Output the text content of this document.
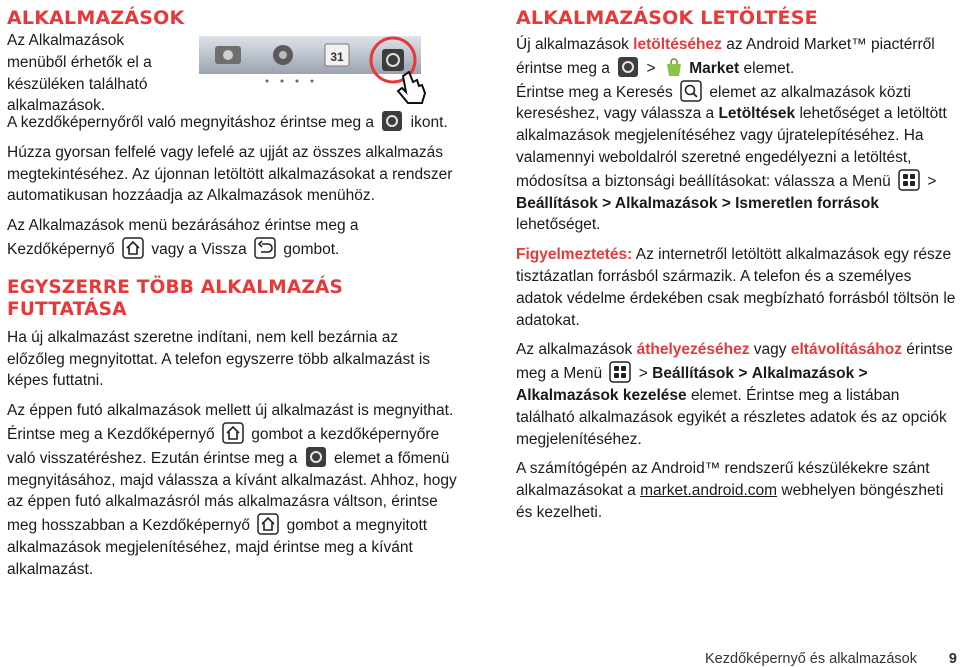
ALKALMAZÁSOK

Az Alkalmazások menüből érhetők el a készüléken található alkalmazások.

31

A kezdőképernyőről való megnyitáshoz érintse meg a ikont.

Húzza gyorsan felfelé vagy lefelé az ujját az összes alkalmazás megtekintéséhez. Az újonnan letöltött alkalmazásokat a rendszer automatikusan hozzáadja az Alkalmazások menühöz.

Az Alkalmazások menü bezárásához érintse meg a Kezdőképernyő vagy a Vissza gombot.

EGYSZERRE TÖBB ALKALMAZÁS FUTTATÁSA

Ha új alkalmazást szeretne indítani, nem kell bezárnia az előzőleg megnyitottat. A telefon egyszerre több alkalmazást is képes futtatni.

Az éppen futó alkalmazások mellett új alkalmazást is megnyithat. Érintse meg a Kezdőképernyő gombot a kezdőképernyőre való visszatéréshez. Ezután érintse meg a elemet a főmenü megnyitásához, majd válassza a kívánt alkalmazást. Ahhoz, hogy az éppen futó alkalmazásról más alkalmazásra váltson, érintse meg hosszabban a Kezdőképernyő gombot a megnyitott alkalmazások megjelenítéséhez, majd érintse meg a kívánt alkalmazást.

ALKALMAZÁSOK LETÖLTÉSE

Új alkalmazások letöltéséhez az Android Market™ piactérről érintse meg a > Market elemet.

Érintse meg a Keresés elemet az alkalmazások közti kereséshez, vagy válassza a Letöltések lehetőséget a letöltött alkalmazások megjelenítéséhez vagy újratelepítéséhez. Ha valamennyi weboldalról szeretné engedélyezni a letöltést, módosítsa a biztonsági beállításokat: válassza a Menü > Beállítások > Alkalmazások > Ismeretlen források lehetőséget.

Figyelmeztetés: Az internetről letöltött alkalmazások egy része tisztázatlan forrásból származik. A telefon és a személyes adatok védelme érdekében csak megbízható forrásból töltsön le adatokat.

Az alkalmazások áthelyezéséhez vagy eltávolításához érintse meg a Menü > Beállítások > Alkalmazások > Alkalmazások kezelése elemet. Érintse meg a listában található alkalmazások egyikét a részletes adatok és az opciók megjelenítéséhez.

A számítógépén az Android™ rendszerű készülékekre szánt alkalmazásokat a market.android.com webhelyen böngészheti és kezelheti.

Kezdőképernyő és alkalmazások 9
